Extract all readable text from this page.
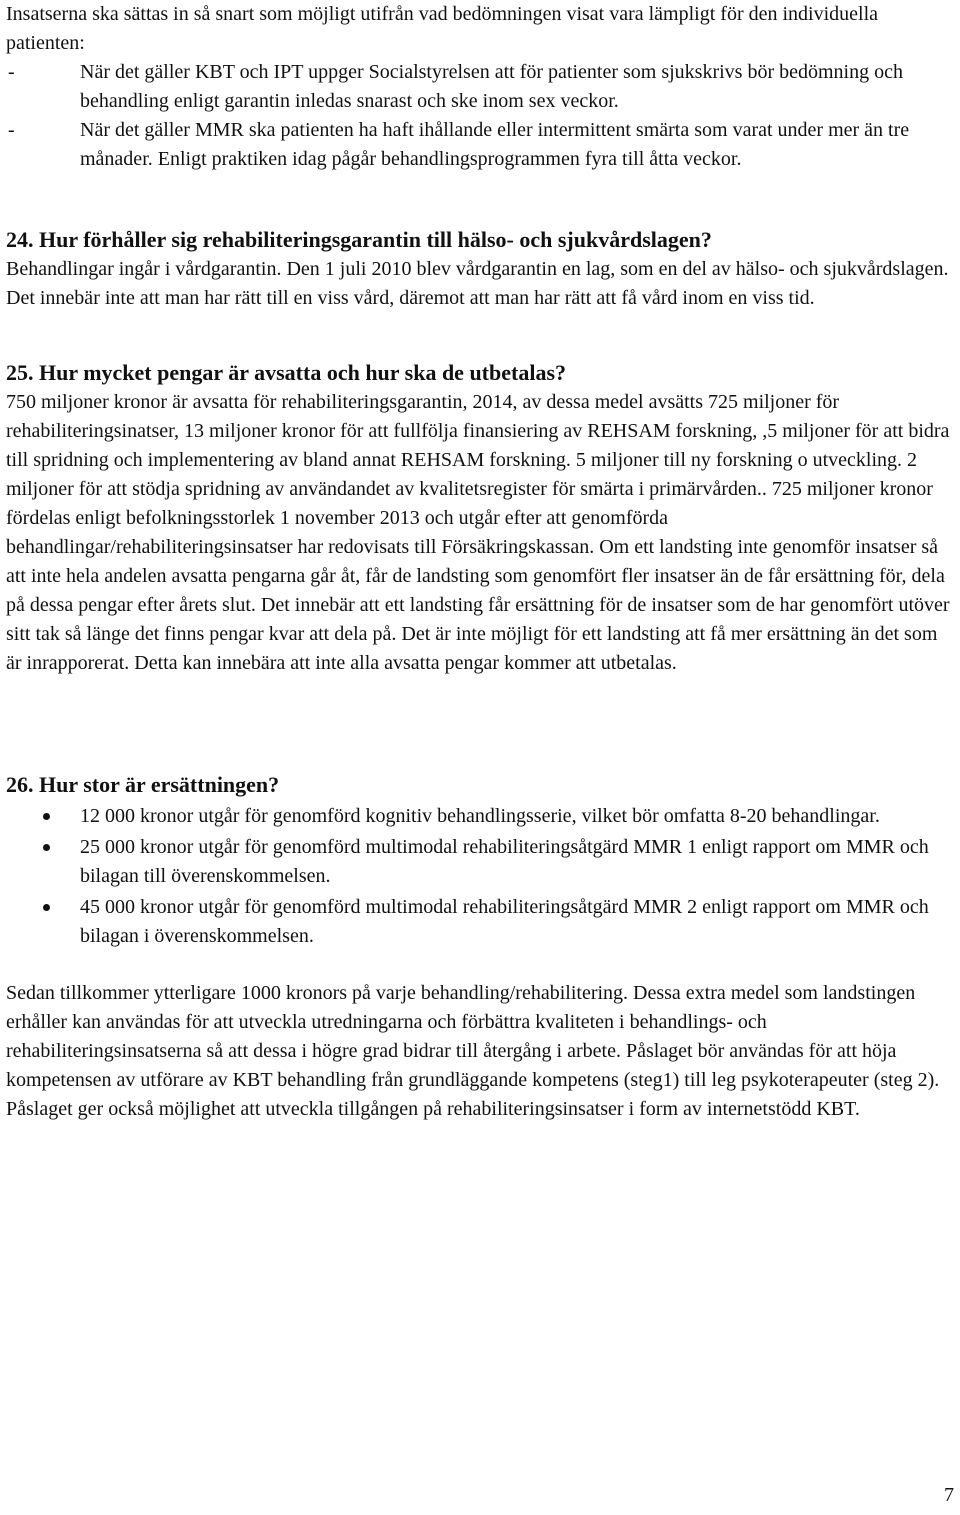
Insatserna ska sättas in så snart som möjligt utifrån vad bedömningen visat vara lämpligt för den individuella patienten:

-	När det gäller KBT och IPT uppger Socialstyrelsen att för patienter som sjukskrivs bör bedömning och behandling enligt garantin inledas snarast och ske inom sex veckor.
-	När det gäller MMR ska patienten ha haft ihållande eller intermittent smärta som varat under mer än tre månader. Enligt praktiken idag pågår behandlingsprogrammen fyra till åtta veckor.
24. Hur förhåller sig rehabiliteringsgarantin till hälso- och sjukvårdslagen?

Behandlingar ingår i vårdgarantin. Den 1 juli 2010 blev vårdgarantin en lag, som en del av hälso- och sjukvårdslagen. Det innebär inte att man har rätt till en viss vård, däremot att man har rätt att få vård inom en viss tid.

25. Hur mycket pengar är avsatta och hur ska de utbetalas?

750 miljoner kronor är avsatta för rehabiliteringsgarantin, 2014, av dessa medel avsätts 725 miljoner för rehabiliteringsinatser, 13 miljoner kronor för att fullfölja finansiering av REHSAM forskning, ,5 miljoner för att bidra till spridning och implementering av bland annat REHSAM forskning. 5 miljoner till ny forskning o utveckling. 2 miljoner för att stödja spridning av användandet av kvalitetsregister för smärta i primärvården.. 725 miljoner kronor fördelas enligt befolkningsstorlek 1 november 2013 och utgår efter att genomförda behandlingar/rehabiliteringsinsatser har redovisats till Försäkringskassan. Om ett landsting inte genomför insatser så att inte hela andelen avsatta pengarna går åt, får de landsting som genomfört fler insatser än de får ersättning för, dela på dessa pengar efter årets slut. Det innebär att ett landsting får ersättning för de insatser som de har genomfört utöver sitt tak så länge det finns pengar kvar att dela på. Det är inte möjligt för ett landsting att få mer ersättning än det som är inrapporerat. Detta kan innebära att inte alla avsatta pengar kommer att utbetalas.

26. Hur stor är ersättningen?
12 000 kronor utgår för genomförd kognitiv behandlingsserie, vilket bör omfatta 8-20 behandlingar.
25 000 kronor utgår för genomförd multimodal rehabiliteringsåtgärd MMR 1 enligt rapport om MMR och bilagan till överenskommelsen.
45 000 kronor utgår för genomförd multimodal rehabiliteringsåtgärd MMR 2 enligt rapport om MMR och bilagan i överenskommelsen.

Sedan tillkommer ytterligare 1000 kronors på varje behandling/rehabilitering. Dessa extra medel som landstingen erhåller kan användas för att utveckla utredningarna och förbättra kvaliteten i behandlings- och rehabiliteringsinsatserna så att dessa i högre grad bidrar till återgång i arbete. Påslaget bör användas för att höja kompetensen av utförare av KBT behandling från grundläggande kompetens (steg1) till leg psykoterapeuter (steg 2). Påslaget ger också möjlighet att utveckla tillgången på rehabiliteringsinsatser i form av internetstödd KBT.

7
